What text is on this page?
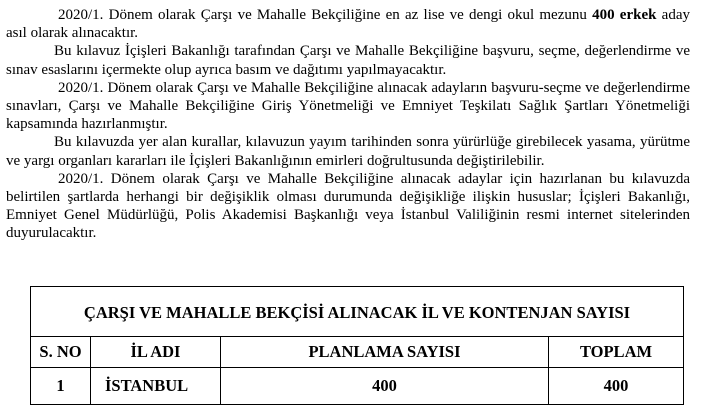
2020/1. Dönem olarak Çarşı ve Mahalle Bekçiliğine en az lise ve dengi okul mezunu 400 erkek aday asıl olarak alınacaktır.

Bu kılavuz İçişleri Bakanlığı tarafından Çarşı ve Mahalle Bekçiliğine başvuru, seçme, değerlendirme ve sınav esaslarını içermekte olup ayrıca basım ve dağıtımı yapılmayacaktır.

2020/1. Dönem olarak Çarşı ve Mahalle Bekçiliğine alınacak adayların başvuru-seçme ve değerlendirme sınavları, Çarşı ve Mahalle Bekçiliğine Giriş Yönetmeliği ve Emniyet Teşkilatı Sağlık Şartları Yönetmeliği kapsamında hazırlanmıştır.

Bu kılavuzda yer alan kurallar, kılavuzun yayım tarihinden sonra yürürlüğe girebilecek yasama, yürütme ve yargı organları kararları ile İçişleri Bakanlığının emirleri doğrultusunda değiştirilebilir.

2020/1. Dönem olarak Çarşı ve Mahalle Bekçiliğine alınacak adaylar için hazırlanan bu kılavuzda belirtilen şartlarda herhangi bir değişiklik olması durumunda değişikliğe ilişkin hususlar; İçişleri Bakanlığı, Emniyet Genel Müdürlüğü, Polis Akademisi Başkanlığı veya İstanbul Valiliğinin resmi internet sitelerinden duyurulacaktır.

ÇARŞI VE MAHALLE BEKÇİSİ ALINACAK İL VE KONTENJAN SAYISI			
S. NO	İL ADI	PLANLAMA SAYISI	TOPLAM
1	İSTANBUL	400	400
